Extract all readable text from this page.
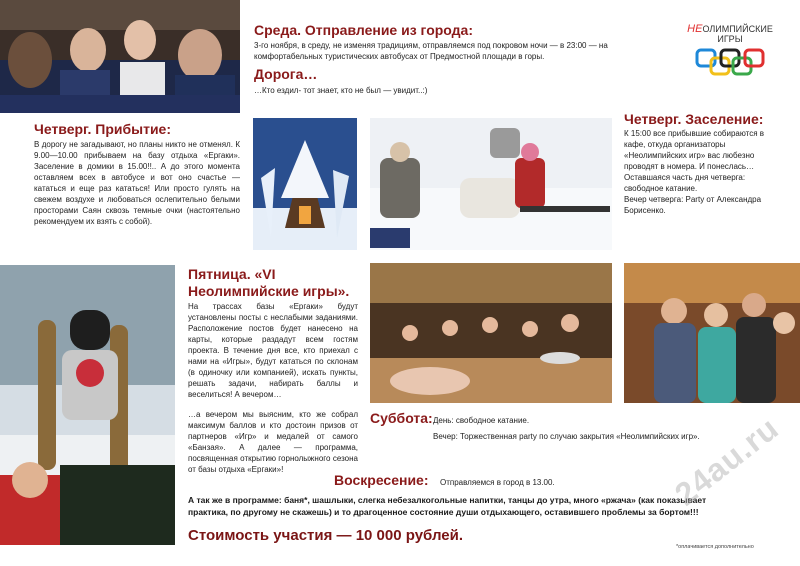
Среда. Отправление из города:
3-го ноября, в среду, не изменяя традициям, отправляемся под покровом ночи — в 23:00 — на комфортабельных туристических автобусах от Предмостной площади в горы.
Дорога…
…Кто ездил- тот знает, кто не был — увидит..:)
НЕОЛИМПИЙСКИЕ
ИГРЫ
Четверг. Прибытие:
В дорогу не загадывают, но планы никто не отменял. К 9.00—10.00 прибываем на базу отдыха «Ергаки». Заселение в домики в 15.00!!.. А до этого момента оставляем всех в автобусе и вот оно счастье — кататься и еще раз кататься! Или просто гулять на свежем воздухе и любоваться ослепительно белыми просторами Саян сквозь темные очки (настоятельно рекомендуем их взять с собой).
Четверг. Заселение:
К 15:00 все прибывшие собираются в кафе, откуда организаторы «Неолимпийских игр» вас любезно проводят в номера. И понеслась… Оставшаяся часть дня четверга: свободное катание.
Вечер четверга: Party от Александра Борисенко.
Пятница. «VI Неолимпийские игры».
На трассах базы «Ергаки» будут установлены посты с неслабыми заданиями. Расположение постов будет нанесено на карты, которые раздадут всем гостям проекта. В течение дня все, кто приехал с нами на «Игры», будут кататься по склонам (в одиночку или компанией), искать пункты, решать задачи, набирать баллы и веселиться! А вечером…
…а вечером мы выясним, кто же собрал максимум баллов и кто достоин призов от партнеров «Игр» и медалей от самого «Банзая». А далее — программа, посвященная открытию горнолыжного сезона от базы отдыха «Ергаки»!
Суббота: День: свободное катание.
Вечер: Торжественная party по случаю закрытия «Неолимпийских игр».
Воскресение: Отправляемся в город в 13.00.
А так же в программе: баня*, шашлыки, слегка небезалкогольные напитки, танцы до утра, много «ржача» (как показывает практика, по другому не скажешь) и то драгоценное состояние души отдыхающего, оставившего проблемы за бортом!!!
Стоимость участия — 10 000 рублей.
*оплачивается дополнительно
24au.ru
